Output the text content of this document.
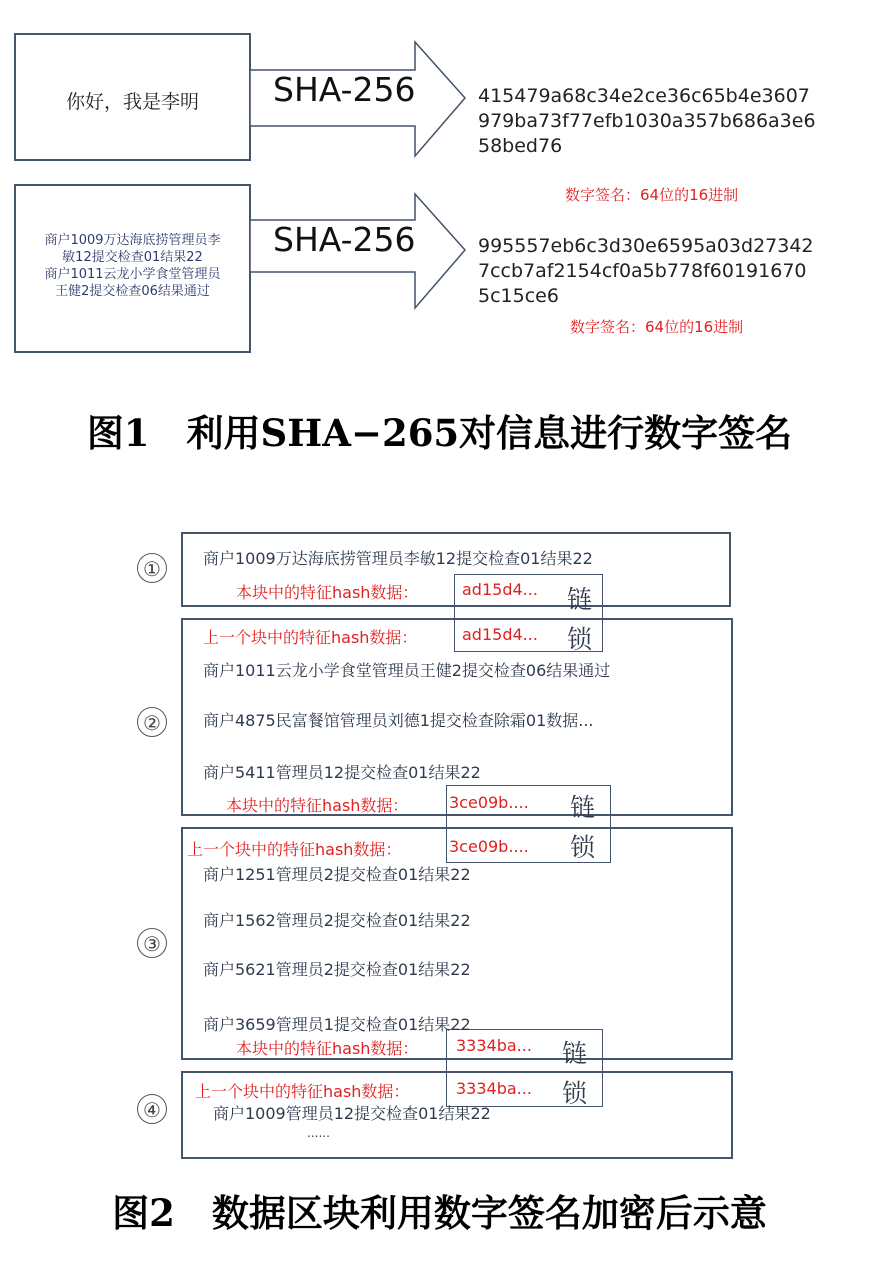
你好，我是李明	SHA-256	415479a68c34e2ce36c65b4e3607
979ba73f77efb1030a357b686a3e6
58bed76
数字签名：64位的16进制
商户1009万达海底捞管理员李
敏12提交检查01结果22
商户1011云龙小学食堂管理员
王健2提交检查06结果通过
SHA-256	995557eb6c3d30e6595a03d27342
7ccb7af2154cf0a5b778f60191670
5c15ce6
数字签名：64位的16进制
图1　利用SHA−265对信息进行数字签名
①
②
③
④
链
锁
链
锁
链
锁
商户1009万达海底捞管理员李敏12提交检查01结果22
本块中的特征hash数据：	ad15d4...
上一个块中的特征hash数据：	ad15d4...
商户1011云龙小学食堂管理员王健2提交检查06结果通过
商户4875民富餐馆管理员刘德1提交检查除霜01数据...
商户5411管理员12提交检查01结果22
本块中的特征hash数据：	3ce09b....
上一个块中的特征hash数据：	3ce09b....
商户1251管理员2提交检查01结果22
商户1562管理员2提交检查01结果22
商户5621管理员2提交检查01结果22
商户3659管理员1提交检查01结果22
本块中的特征hash数据： 3334ba...
上一个块中的特征hash数据：	3334ba...
商户1009管理员12提交检查01结果22
......
图2　数据区块利用数字签名加密后示意
